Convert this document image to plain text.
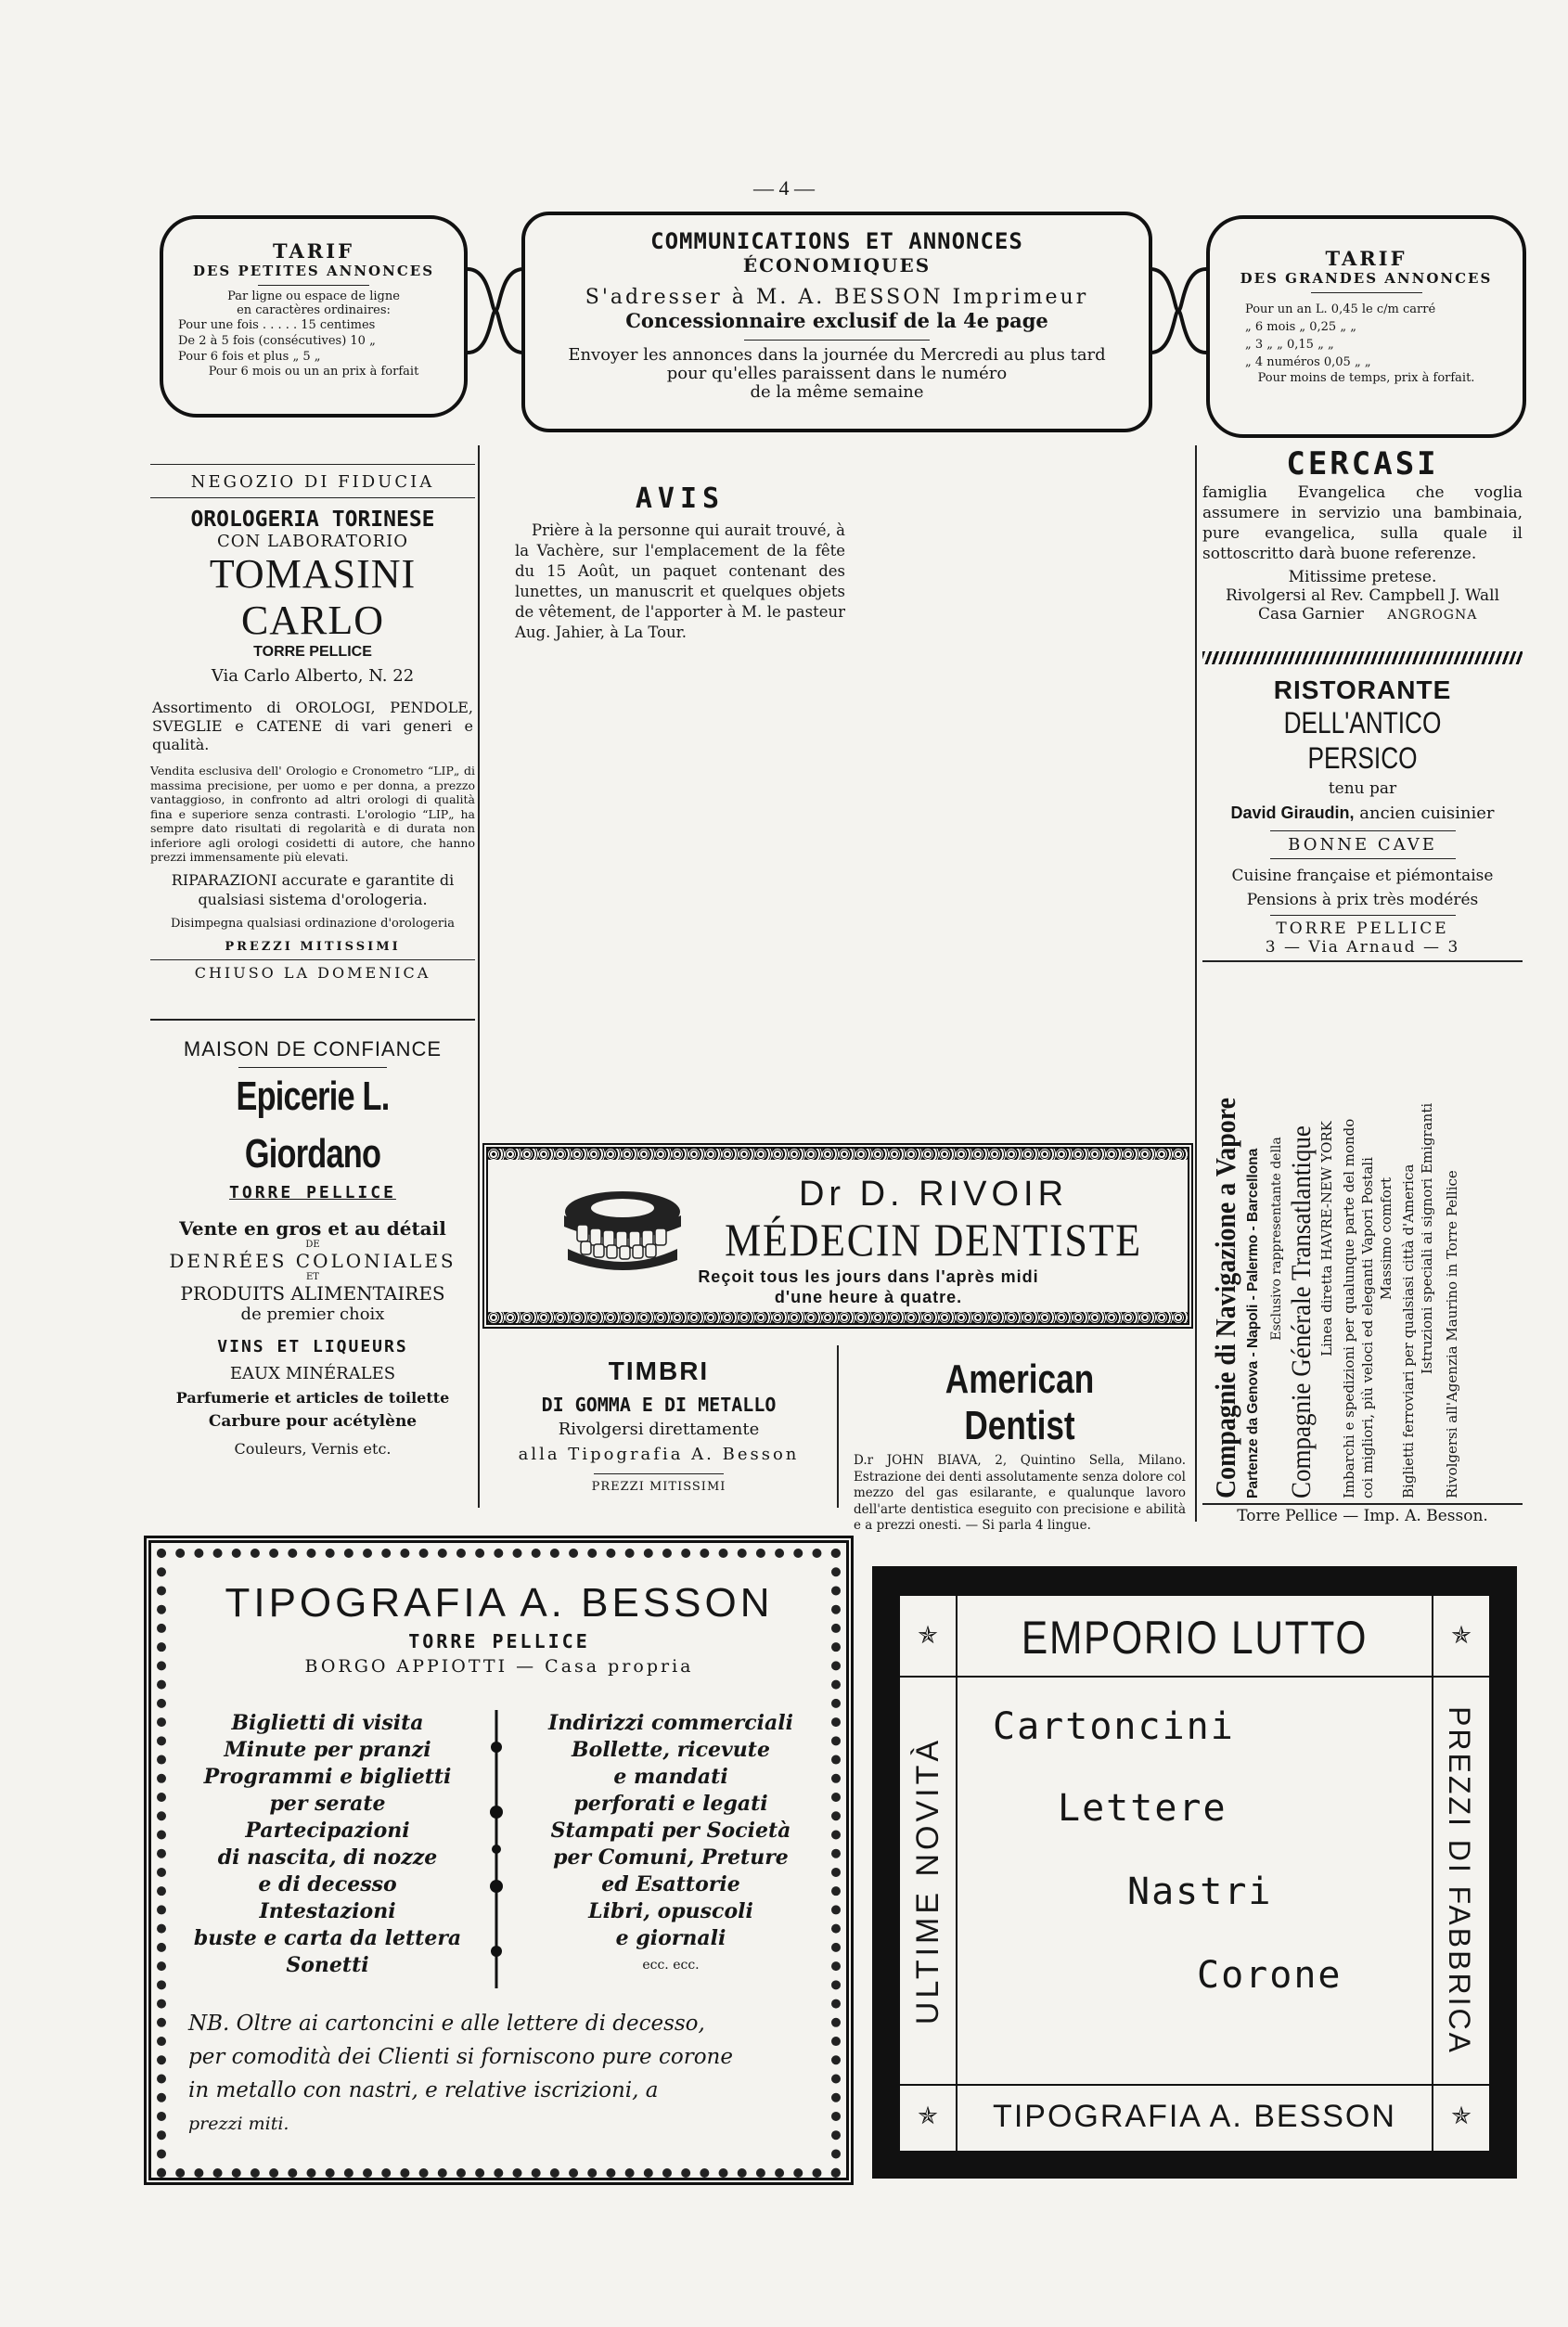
— 4 —
TARIF
DES PETITES ANNONCES
Par ligne ou espace de ligne
en caractères ordinaires:
Pour une fois . . . . . 15 centimes
De 2 à 5 fois (consécutives) 10 „
Pour 6 fois et plus „ 5 „
Pour 6 mois ou un an prix à forfait
COMMUNICATIONS ET ANNONCES
ÉCONOMIQUES
S'adresser à M. A. BESSON Imprimeur
Concessionnaire exclusif de la 4e page
Envoyer les annonces dans la journée du Mercredi au plus tard
pour qu'elles paraissent dans le numéro
de la même semaine
TARIF
DES GRANDES ANNONCES
Pour un an L. 0,45 le c/m carré
„ 6 mois „ 0,25 „ „
„ 3 „ „ 0,15 „ „
„ 4 numéros 0,05 „ „
Pour moins de temps, prix à forfait.
NEGOZIO DI FIDUCIA
OROLOGERIA TORINESE
CON LABORATORIO
TOMASINI CARLO
TORRE PELLICE
Via Carlo Alberto, N. 22
Assortimento di OROLOGI, PENDOLE, SVEGLIE e CATENE di vari generi e qualità.
Vendita esclusiva dell' Orologio e Cronometro “LIP„ di massima precisione, per uomo e per donna, a prezzo vantaggioso, in confronto ad altri orologi di qualità fina e superiore senza contrasti. L'orologio “LIP„ ha sempre dato risultati di regolarità e di durata non inferiore agli orologi cosidetti di autore, che hanno prezzi immensamente più elevati.
RIPARAZIONI accurate e garantite di qualsiasi sistema d'orologeria.
Disimpegna qualsiasi ordinazione d'orologeria
PREZZI MITISSIMI
CHIUSO LA DOMENICA
MAISON DE CONFIANCE
Epicerie L. Giordano
TORRE PELLICE
Vente en gros et au détail
DE
DENRÉES COLONIALES
ET
PRODUITS ALIMENTAIRES
de premier choix
VINS ET LIQUEURS
EAUX MINÉRALES
Parfumerie et articles de toilette
Carbure pour acétylène
Couleurs, Vernis etc.
AVIS
Prière à la personne qui aurait trouvé, à la Vachère, sur l'emplacement de la fête du 15 Août, un paquet contenant des lunettes, un manuscrit et quelques objets de vêtement, de l'apporter à M. le pasteur Aug. Jahier, à La Tour.
CERCASI
famiglia Evangelica che voglia assumere in servizio una bambinaia, pure evangelica, sulla quale il sottoscritto darà buone referenze.
Mitissime pretese.
Rivolgersi al Rev. Campbell J. Wall
Casa Garnier ANGROGNA
RISTORANTE
DELL'ANTICO PERSICO
tenu par
David Giraudin, ancien cuisinier
BONNE CAVE
Cuisine française et piémontaise
Pensions à prix très modérés
TORRE PELLICE
3 — Via Arnaud — 3
Compagnie di Navigazione a Vapore Partenze da Genova - Napoli - Palermo - Barcellona Esclusivo rappresentante della Compagnie Générale Transatlantique Linea diretta HAVRE-NEW YORK Imbarchi e spedizioni per qualunque parte del mondo coi migliori, più veloci ed eleganti Vapori Postali Massimo comfort Biglietti ferroviari per qualsiasi città d'America Istruzioni speciali ai signori Emigranti Rivolgersi all'Agenzia Maurino in Torre Pellice
Torre Pellice — Imp. A. Besson.
Dr D. RIVOIR
MÉDECIN DENTISTE
Reçoit tous les jours dans l'après midi
d'une heure à quatre.
TIMBRI
DI GOMMA E DI METALLO
Rivolgersi direttamente
alla Tipografia A. Besson
PREZZI MITISSIMI
American Dentist
D.r JOHN BIAVA, 2, Quintino Sella, Milano. Estrazione dei denti assolutamente senza dolore col mezzo del gas esilarante, e qualunque lavoro dell'arte dentistica eseguito con precisione e abilità e a prezzi onesti. — Si parla 4 lingue.
TIPOGRAFIA A. BESSON
TORRE PELLICE
BORGO APPIOTTI — Casa propria
Biglietti di visita
Minute per pranzi
Programmi e biglietti
per serate
Partecipazioni
di nascita, di nozze
e di decesso
Intestazioni
buste e carta da lettera
Sonetti
Indirizzi commerciali
Bollette, ricevute
e mandati
perforati e legati
Stampati per Società
per Comuni, Preture
ed Esattorie
Libri, opuscoli
e giornali
ecc. ecc.
NB. Oltre ai cartoncini e alle lettere di decesso,
per comodità dei Clienti si forniscono pure corone
in metallo con nastri, e relative iscrizioni, a
prezzi miti.
✯	✯
✯	✯
EMPORIO LUTTO
ULTIME NOVITÀ	PREZZI DI FABBRICA
Cartoncini
Lettere
Nastri
Corone
TIPOGRAFIA A. BESSON
